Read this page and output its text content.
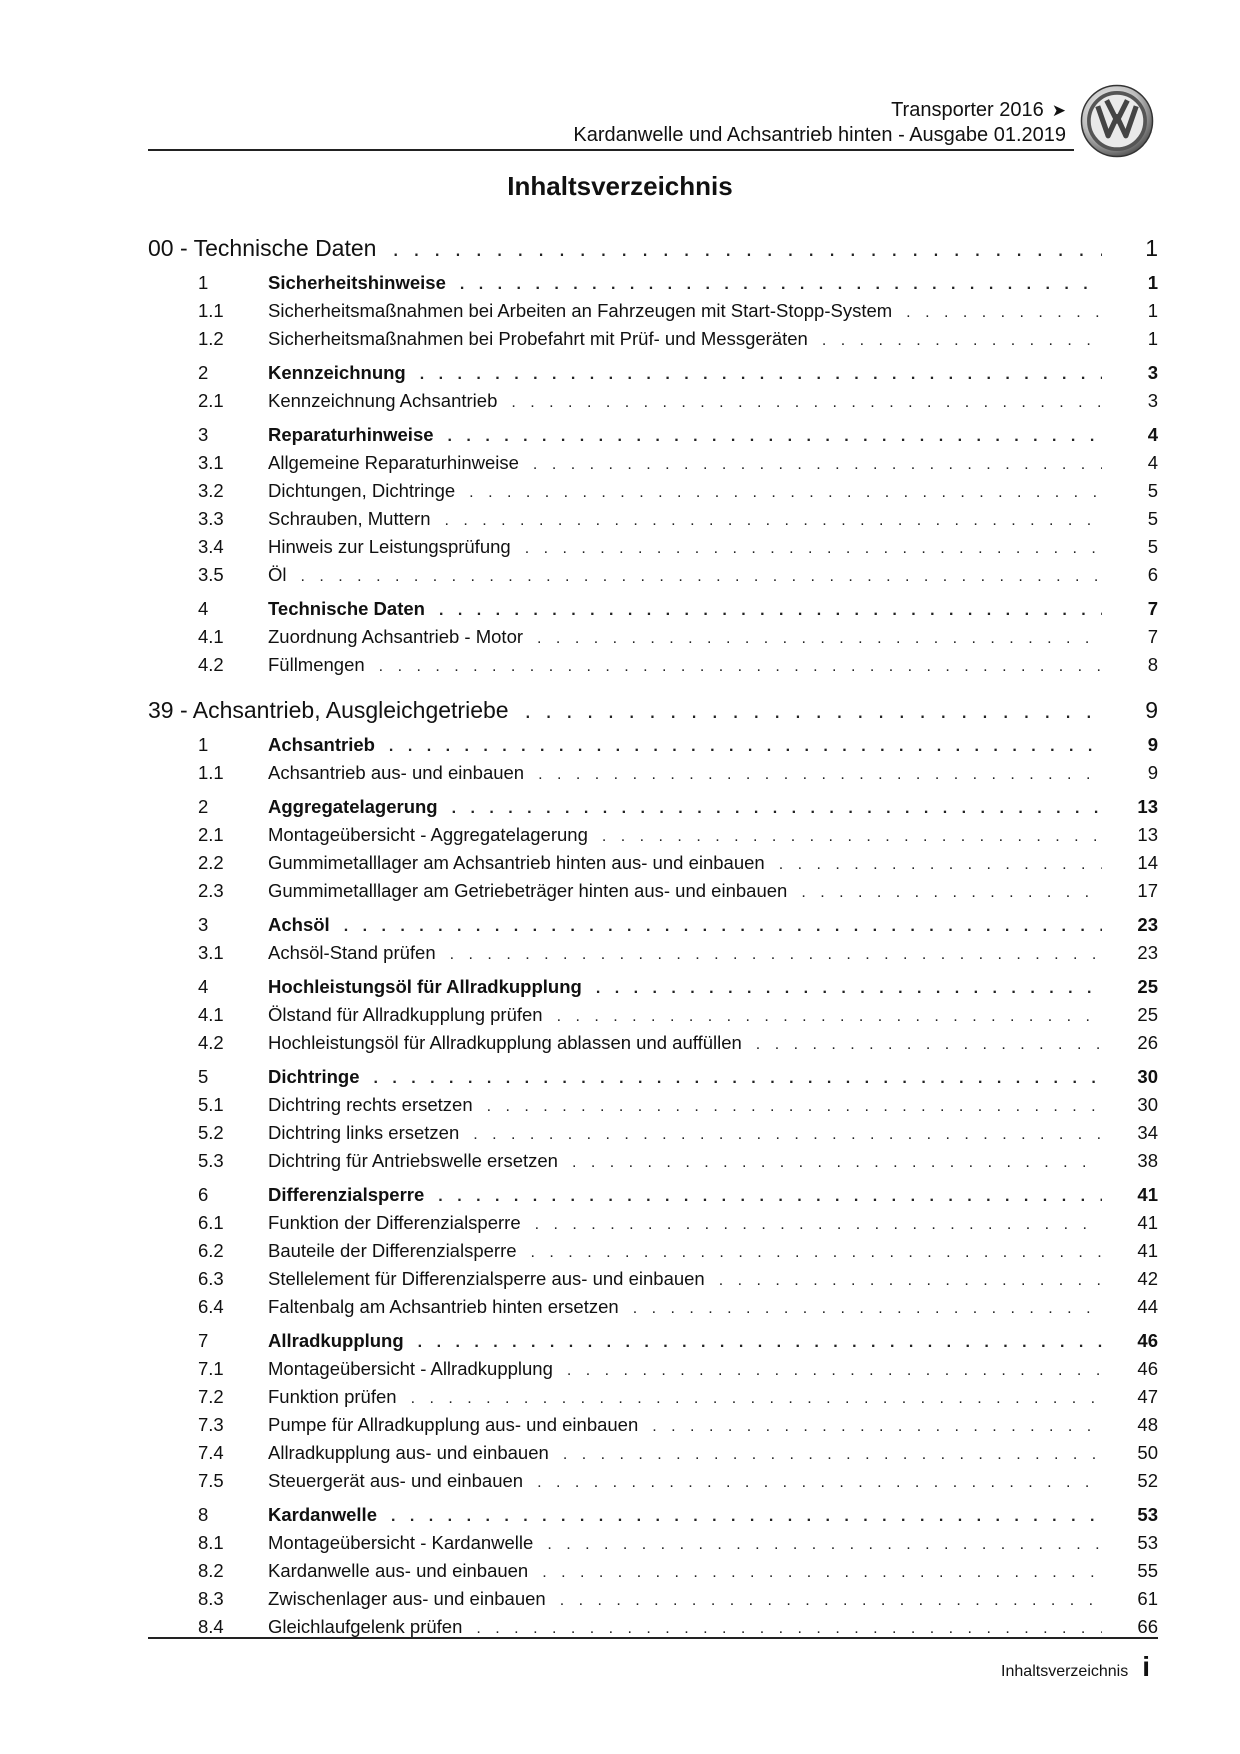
Transporter 2016 ➤
Kardanwelle und Achsantrieb hinten - Ausgabe 01.2019
Inhaltsverzeichnis
00 - Technische Daten . . .	1
1	Sicherheitshinweise . . .	1
1.1	Sicherheitsmaßnahmen bei Arbeiten an Fahrzeugen mit Start-Stopp-System . . .	1
1.2	Sicherheitsmaßnahmen bei Probefahrt mit Prüf- und Messgeräten . . .	1
2	Kennzeichnung . . .	3
2.1	Kennzeichnung Achsantrieb . . .	3
3	Reparaturhinweise . . .	4
3.1	Allgemeine Reparaturhinweise . . .	4
3.2	Dichtungen, Dichtringe . . .	5
3.3	Schrauben, Muttern . . .	5
3.4	Hinweis zur Leistungsprüfung . . .	5
3.5	Öl . . .	6
4	Technische Daten . . .	7
4.1	Zuordnung Achsantrieb - Motor . . .	7
4.2	Füllmengen . . .	8
39 - Achsantrieb, Ausgleichgetriebe . . .	9
1	Achsantrieb . . .	9
1.1	Achsantrieb aus- und einbauen . . .	9
2	Aggregatelagerung . . .	13
2.1	Montageübersicht - Aggregatelagerung . . .	13
2.2	Gummimetalllager am Achsantrieb hinten aus- und einbauen . . .	14
2.3	Gummimetalllager am Getriebeträger hinten aus- und einbauen . . .	17
3	Achsöl . . .	23
3.1	Achsöl-Stand prüfen . . .	23
4	Hochleistungsöl für Allradkupplung . . .	25
4.1	Ölstand für Allradkupplung prüfen . . .	25
4.2	Hochleistungsöl für Allradkupplung ablassen und auffüllen . . .	26
5	Dichtringe . . .	30
5.1	Dichtring rechts ersetzen . . .	30
5.2	Dichtring links ersetzen . . .	34
5.3	Dichtring für Antriebswelle ersetzen . . .	38
6	Differenzialsperre . . .	41
6.1	Funktion der Differenzialsperre . . .	41
6.2	Bauteile der Differenzialsperre . . .	41
6.3	Stellelement für Differenzialsperre aus- und einbauen . . .	42
6.4	Faltenbalg am Achsantrieb hinten ersetzen . . .	44
7	Allradkupplung . . .	46
7.1	Montageübersicht - Allradkupplung . . .	46
7.2	Funktion prüfen . . .	47
7.3	Pumpe für Allradkupplung aus- und einbauen . . .	48
7.4	Allradkupplung aus- und einbauen . . .	50
7.5	Steuergerät aus- und einbauen . . .	52
8	Kardanwelle . . .	53
8.1	Montageübersicht - Kardanwelle . . .	53
8.2	Kardanwelle aus- und einbauen . . .	55
8.3	Zwischenlager aus- und einbauen . . .	61
8.4	Gleichlaufgelenk prüfen . . .	66
Inhaltsverzeichnis i
